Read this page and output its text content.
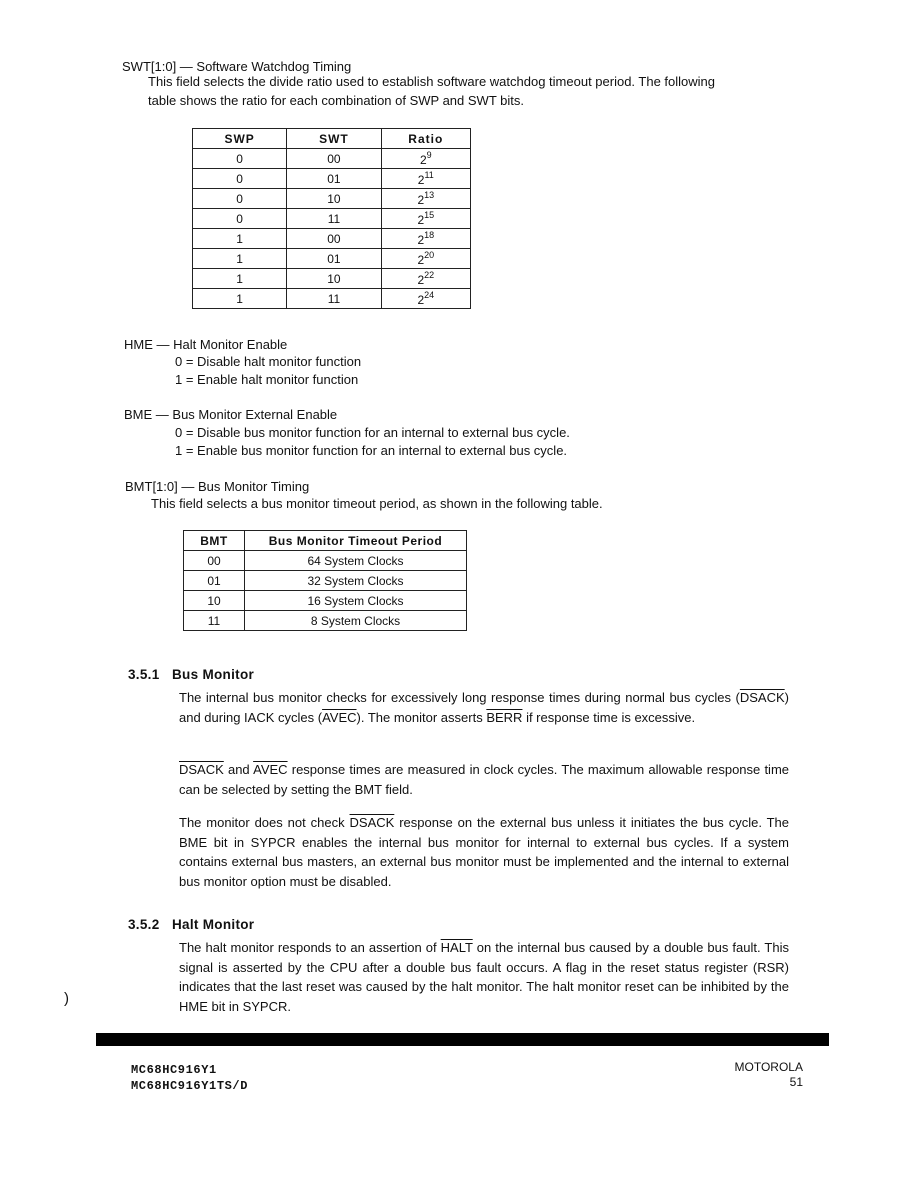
SWT[1:0] — Software Watchdog Timing
This field selects the divide ratio used to establish software watchdog timeout period. The following
table shows the ratio for each combination of SWP and SWT bits.
SWP	SWT	Ratio
0	00	$2^9$
0	01	$2^{11}$
0	10	$2^{13}$
0	11	$2^{15}$
1	00	$2^{18}$
1	01	$2^{20}$
1	10	$2^{22}$
1	11	$2^{24}$
HME — Halt Monitor Enable
0 = Disable halt monitor function
1 = Enable halt monitor function
BME — Bus Monitor External Enable
0 = Disable bus monitor function for an internal to external bus cycle.
1 = Enable bus monitor function for an internal to external bus cycle.
BMT[1:0] — Bus Monitor Timing
This field selects a bus monitor timeout period, as shown in the following table.
BMT	Bus Monitor Timeout Period
00	64 System Clocks
01	32 System Clocks
10	16 System Clocks
11	8 System Clocks
3.5.1 Bus Monitor
The internal bus monitor checks for excessively long response times during normal bus cycles (DSACK) and during IACK cycles (AVEC). The monitor asserts BERR if response time is excessive.
DSACK and AVEC response times are measured in clock cycles. The maximum allowable response time can be selected by setting the BMT field.
The monitor does not check DSACK response on the external bus unless it initiates the bus cycle. The BME bit in SYPCR enables the internal bus monitor for internal to external bus cycles. If a system contains external bus masters, an external bus monitor must be implemented and the internal to external bus monitor option must be disabled.
3.5.2 Halt Monitor
The halt monitor responds to an assertion of HALT on the internal bus caused by a double bus fault. This signal is asserted by the CPU after a double bus fault occurs. A flag in the reset status register (RSR) indicates that the last reset was caused by the halt monitor. The halt monitor reset can be inhibited by the HME bit in SYPCR.
)
MC68HC916Y1
MC68HC916Y1TS/D
MOTOROLA
51
